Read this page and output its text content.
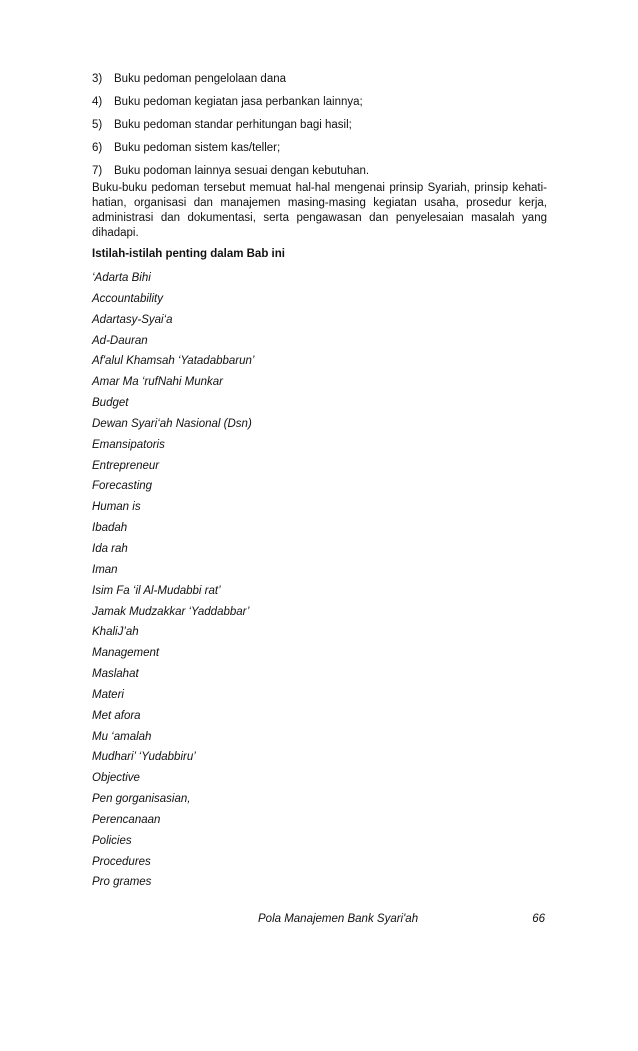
3)	Buku pedoman pengelolaan dana
4)	Buku pedoman kegiatan jasa perbankan lainnya;
5)	Buku pedoman standar perhitungan bagi hasil;
6)	Buku pedoman sistem kas/teller;
7)	Buku podoman lainnya sesuai dengan kebutuhan.

Buku-buku pedoman tersebut memuat hal-hal mengenai prinsip Syariah, prinsip kehati-hatian, organisasi dan manajemen masing-masing kegiatan usaha, prosedur kerja, administrasi dan dokumentasi, serta pengawasan dan penyelesaian masalah yang dihadapi.

Istilah-istilah penting dalam Bab ini
‘Adarta Bihi
Accountability
Adartasy-Syai‘a
Ad-Dauran
Af'alul Khamsah ‘Yatadabbarun’
Amar Ma ‘rufNahi Munkar
Budget
Dewan Syari‘ah Nasional (Dsn)
Emansipatoris
Entrepreneur
Forecasting
Human is
Ibadah
Ida rah
Iman
Isim Fa ‘il Al-Mudabbi rat’
Jamak Mudzakkar ‘Yaddabbar’
KhaliJ’ah
Management
Maslahat
Materi
Met afora
Mu ‘amalah
Mudhari’ ‘Yudabbiru’
Objective
Pen gorganisasian,
Perencanaan
Policies
Procedures
Pro grames
Pola Manajemen Bank Syari'ah	66
